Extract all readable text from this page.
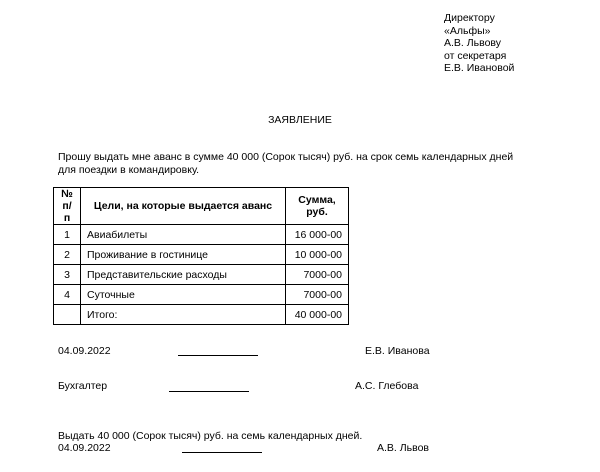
Директору
«Альфы»
А.В. Львову
от секретаря
Е.В. Ивановой
ЗАЯВЛЕНИЕ
Прошу выдать мне аванс в сумме 40 000 (Сорок тысяч) руб. на срок семь календарных дней
для поездки в командировку.
№ п/п	Цели, на которые выдается аванс	Сумма, руб.
1	Авиабилеты	16 000-00
2	Проживание в гостинице	10 000-00
3	Представительские расходы	7000-00
4	Суточные	7000-00
	Итого:	40 000-00
04.09.2022	Е.В. Иванова
Бухгалтер	А.С. Глебова
Выдать 40 000 (Сорок тысяч) руб. на семь календарных дней.
04.09.2022	А.В. Львов
